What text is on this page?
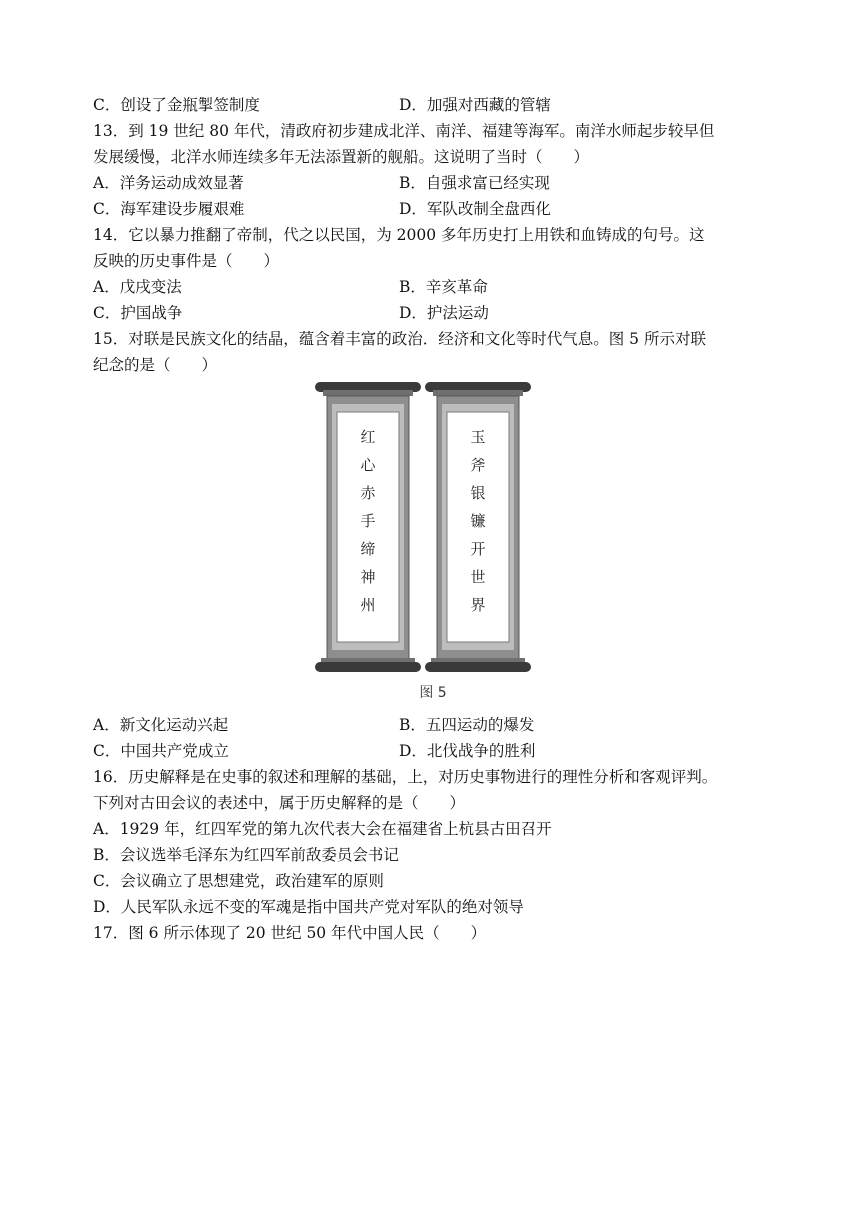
C．创设了金瓶掣签制度	D．加强对西藏的管辖
13．到 19 世纪 80 年代，清政府初步建成北洋、南洋、福建等海军。南洋水师起步较早但
发展缓慢，北洋水师连续多年无法添置新的舰船。这说明了当时（　　）
A．洋务运动成效显著	B．自强求富已经实现
C．海军建设步履艰难	D．军队改制全盘西化
14．它以暴力推翻了帝制，代之以民国，为 2000 多年历史打上用铁和血铸成的句号。这
反映的历史事件是（　　）
A．戊戌变法	B．辛亥革命
C．护国战争	D．护法运动
15．对联是民族文化的结晶，蕴含着丰富的政治．经济和文化等时代气息。图 5 所示对联
纪念的是（　　）
红
心
赤
手
缔
神
州
玉
斧
银
镰
开
世
界
图 5
A．新文化运动兴起	B．五四运动的爆发
C．中国共产党成立	D．北伐战争的胜利
16．历史解释是在史事的叙述和理解的基础，上，对历史事物进行的理性分析和客观评判。
下列对古田会议的表述中，属于历史解释的是（　　）
A．1929 年，红四军党的第九次代表大会在福建省上杭县古田召开
B．会议选举毛泽东为红四军前敌委员会书记
C．会议确立了思想建党，政治建军的原则
D．人民军队永远不变的军魂是指中国共产党对军队的绝对领导
17．图 6 所示体现了 20 世纪 50 年代中国人民（　　）
